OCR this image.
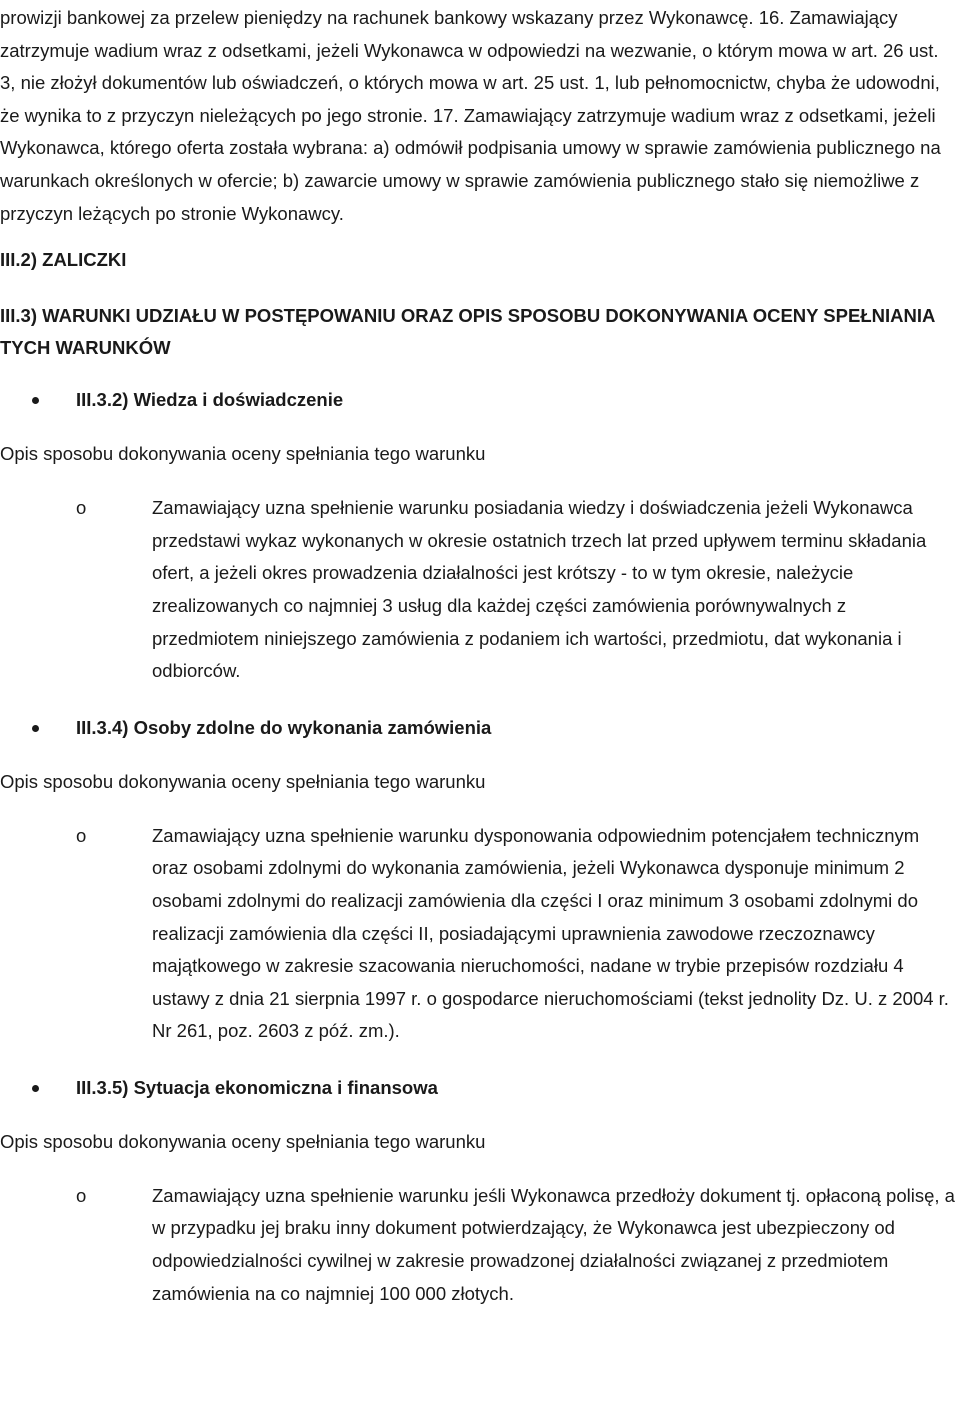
prowizji bankowej za przelew pieniędzy na rachunek bankowy wskazany przez Wykonawcę. 16. Zamawiający zatrzymuje wadium wraz z odsetkami, jeżeli Wykonawca w odpowiedzi na wezwanie, o którym mowa w art. 26 ust. 3, nie złożył dokumentów lub oświadczeń, o których mowa w art. 25 ust. 1, lub pełnomocnictw, chyba że udowodni, że wynika to z przyczyn nieleżących po jego stronie. 17. Zamawiający zatrzymuje wadium wraz z odsetkami, jeżeli Wykonawca, którego oferta została wybrana: a) odmówił podpisania umowy w sprawie zamówienia publicznego na warunkach określonych w ofercie; b) zawarcie umowy w sprawie zamówienia publicznego stało się niemożliwe z przyczyn leżących po stronie Wykonawcy.

III.2) ZALICZKI
III.3) WARUNKI UDZIAŁU W POSTĘPOWANIU ORAZ OPIS SPOSOBU DOKONYWANIA OCENY SPEŁNIANIA TYCH WARUNKÓW

III.3.2) Wiedza i doświadczenie

Opis sposobu dokonywania oceny spełniania tego warunku

o	Zamawiający uzna spełnienie warunku posiadania wiedzy i doświadczenia jeżeli Wykonawca przedstawi wykaz wykonanych w okresie ostatnich trzech lat przed upływem terminu składania ofert, a jeżeli okres prowadzenia działalności jest krótszy - to w tym okresie, należycie zrealizowanych co najmniej 3 usług dla każdej części zamówienia porównywalnych z przedmiotem niniejszego zamówienia z podaniem ich wartości, przedmiotu, dat wykonania i odbiorców.

III.3.4) Osoby zdolne do wykonania zamówienia

Opis sposobu dokonywania oceny spełniania tego warunku

o	Zamawiający uzna spełnienie warunku dysponowania odpowiednim potencjałem technicznym oraz osobami zdolnymi do wykonania zamówienia, jeżeli Wykonawca dysponuje minimum 2 osobami zdolnymi do realizacji zamówienia dla części I oraz minimum 3 osobami zdolnymi do realizacji zamówienia dla części II, posiadającymi uprawnienia zawodowe rzeczoznawcy majątkowego w zakresie szacowania nieruchomości, nadane w trybie przepisów rozdziału 4 ustawy z dnia 21 sierpnia 1997 r. o gospodarce nieruchomościami (tekst jednolity Dz. U. z 2004 r. Nr 261, poz. 2603 z póź. zm.).

III.3.5) Sytuacja ekonomiczna i finansowa

Opis sposobu dokonywania oceny spełniania tego warunku

o	Zamawiający uzna spełnienie warunku jeśli Wykonawca przedłoży dokument tj. opłaconą polisę, a w przypadku jej braku inny dokument potwierdzający, że Wykonawca jest ubezpieczony od odpowiedzialności cywilnej w zakresie prowadzonej działalności związanej z przedmiotem zamówienia na co najmniej 100 000 złotych.
